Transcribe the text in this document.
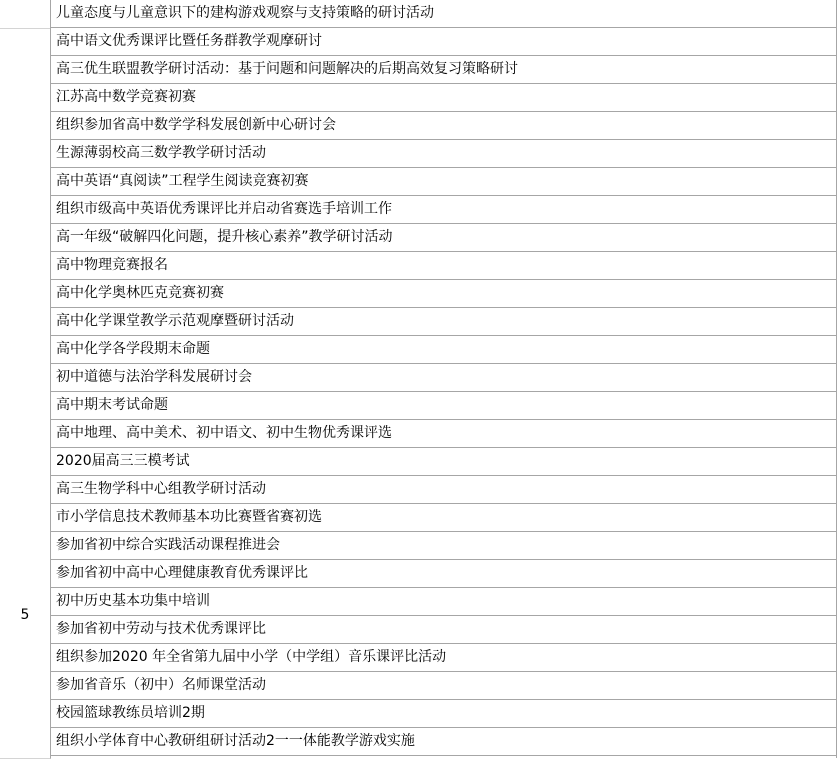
5
儿童态度与儿童意识下的建构游戏观察与支持策略的研讨活动
高中语文优秀课评比暨任务群教学观摩研讨
高三优生联盟教学研讨活动：基于问题和问题解决的后期高效复习策略研讨
江苏高中数学竞赛初赛
组织参加省高中数学学科发展创新中心研讨会
生源薄弱校高三数学教学研讨活动
高中英语“真阅读”工程学生阅读竞赛初赛
组织市级高中英语优秀课评比并启动省赛选手培训工作
高一年级“破解四化问题，提升核心素养”教学研讨活动
高中物理竞赛报名
高中化学奥林匹克竞赛初赛
高中化学课堂教学示范观摩暨研讨活动
高中化学各学段期末命题
初中道德与法治学科发展研讨会
高中期末考试命题
高中地理、高中美术、初中语文、初中生物优秀课评选
2020届高三三模考试
高三生物学科中心组教学研讨活动
市小学信息技术教师基本功比赛暨省赛初选
参加省初中综合实践活动课程推进会
参加省初中高中心理健康教育优秀课评比
初中历史基本功集中培训
参加省初中劳动与技术优秀课评比
组织参加2020 年全省第九届中小学（中学组）音乐课评比活动
参加省音乐（初中）名师课堂活动
校园篮球教练员培训2期
组织小学体育中心教研组研讨活动2一一体能教学游戏实施
